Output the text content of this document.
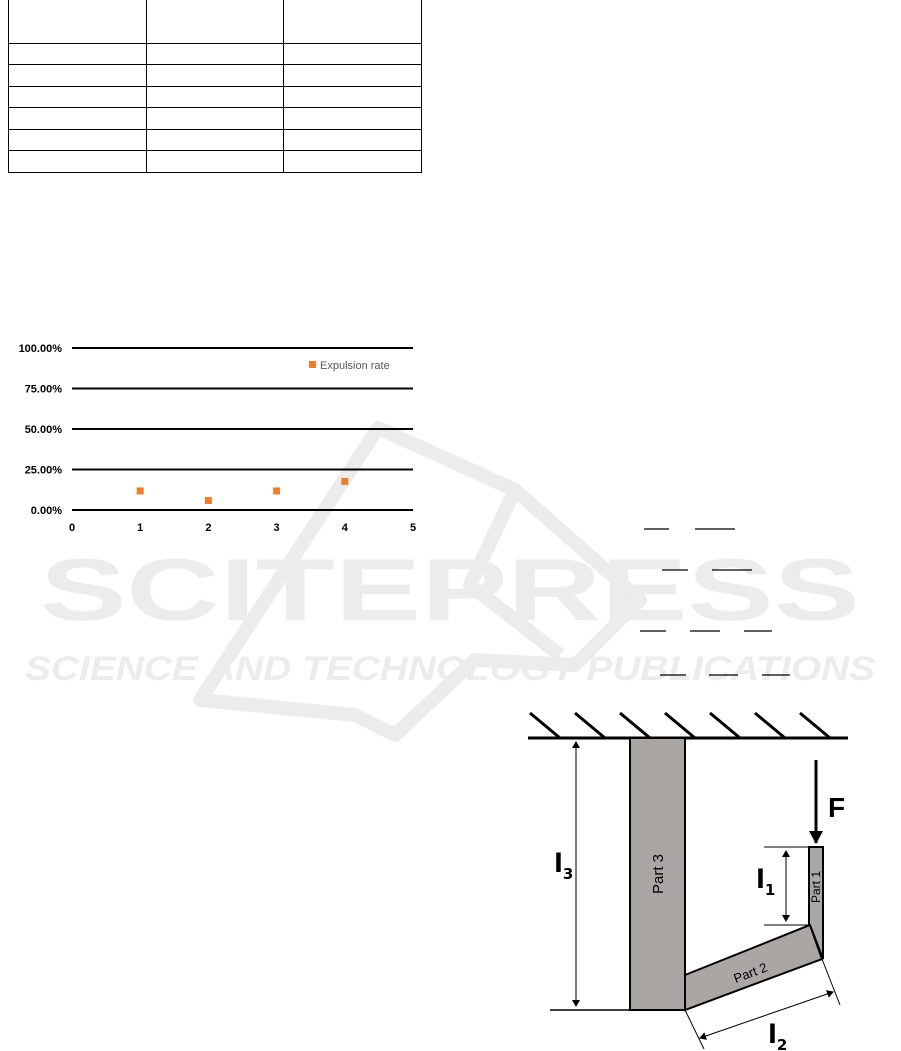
SCITEPRESS
SCIENCE AND TECHNOLOGY PUBLICATIONS

0.00%
25.00%
50.00%
75.00%
100.00%
0	1	2	3	4	5
Expulsion rate
Part 3
Part 2
Part 1
$l_3$	$l_1$
$l_2$
F
